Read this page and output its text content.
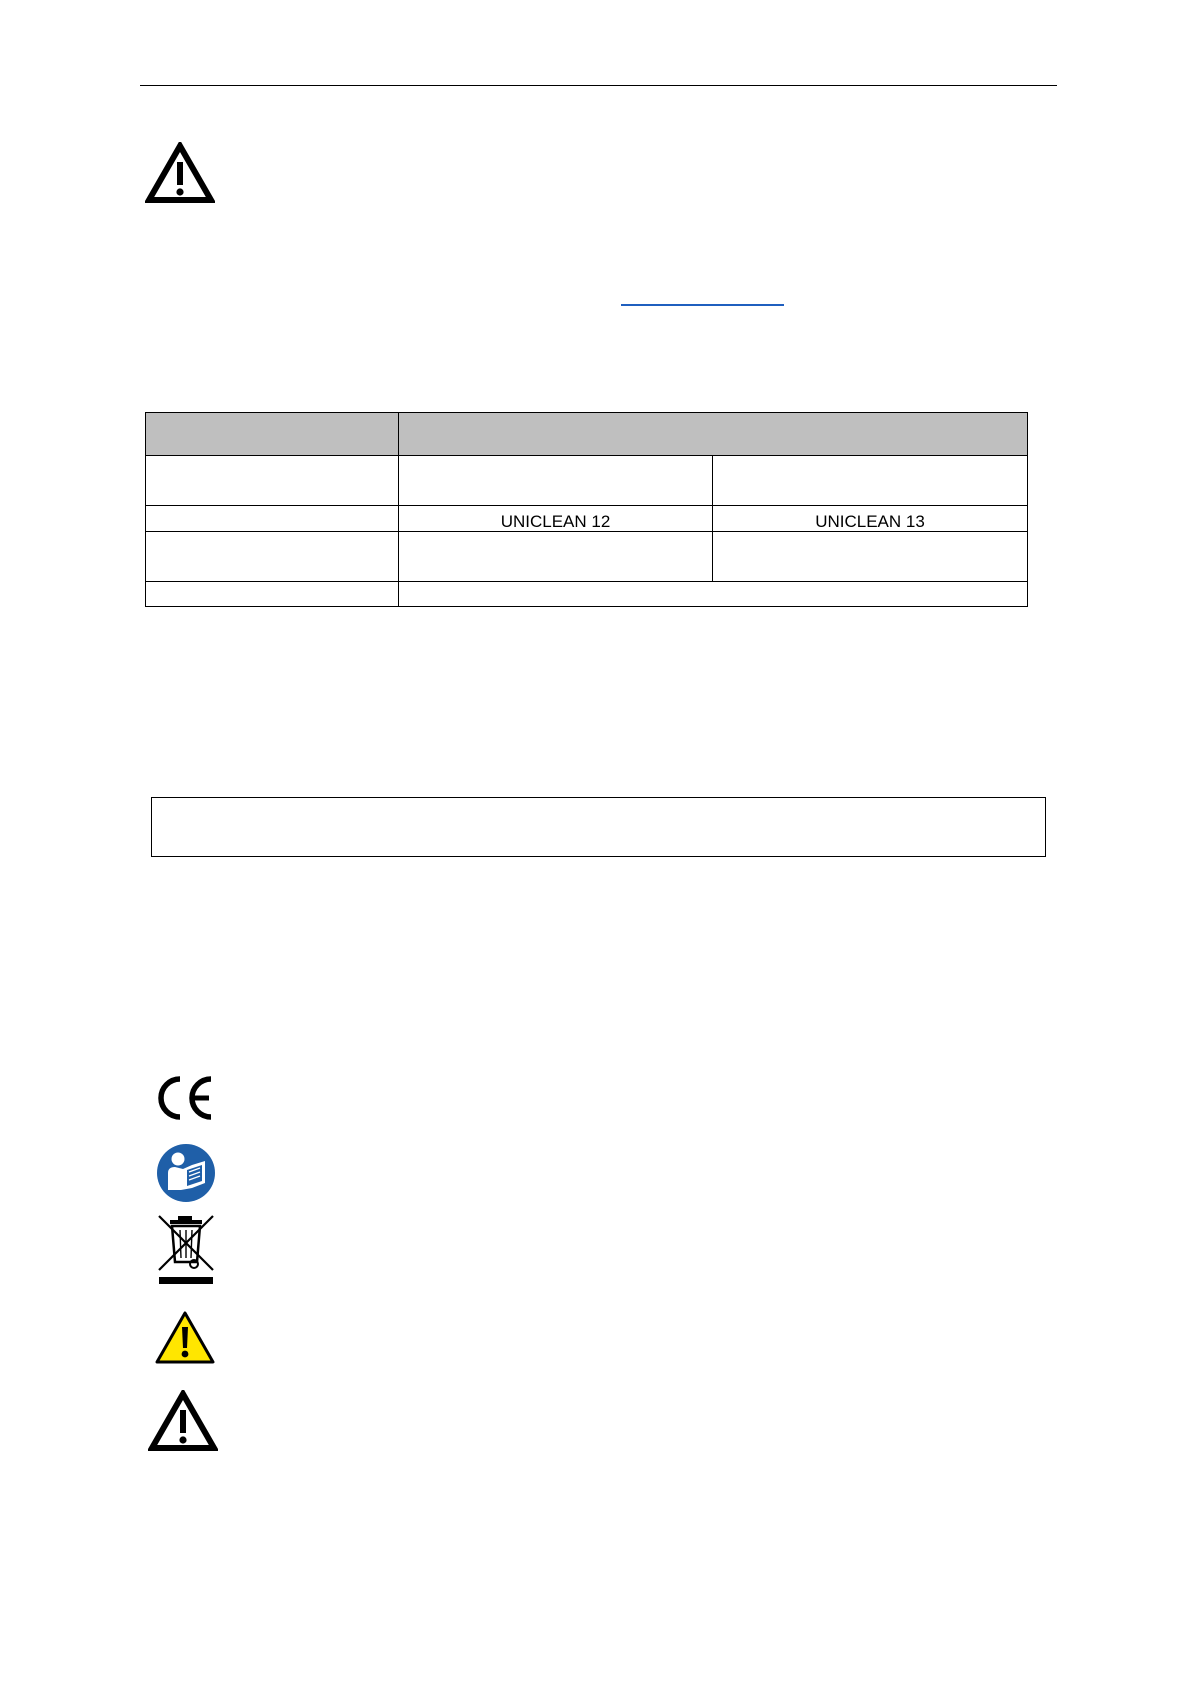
	UNICLEAN 12	UNICLEAN 13
